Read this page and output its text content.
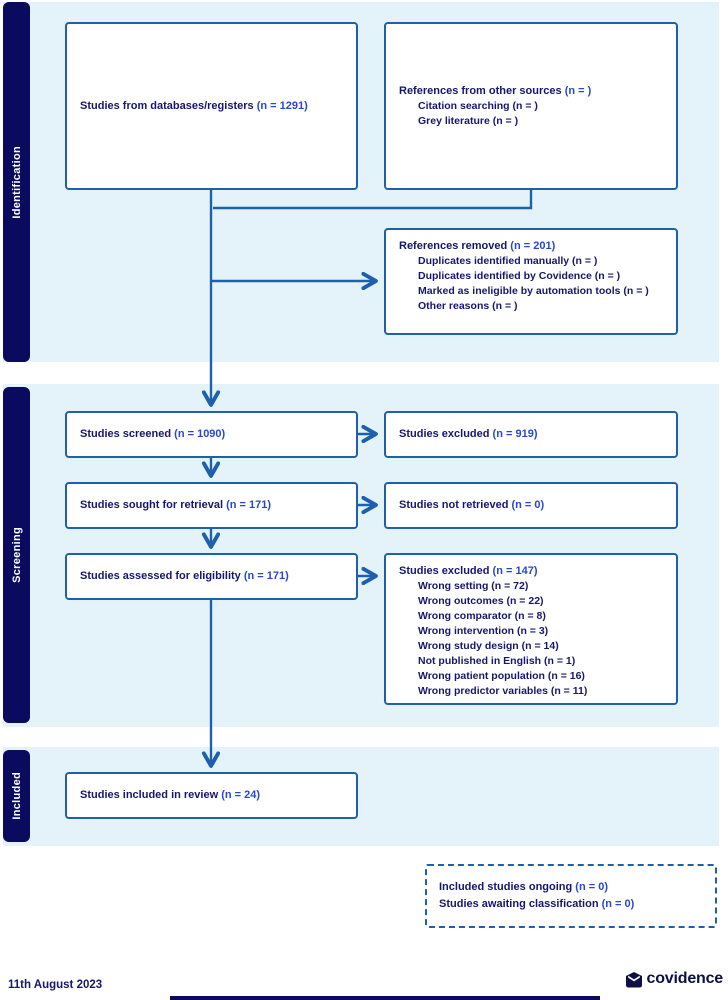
Identification
Screening
Included
Studies from databases/registers (n = 1291)
References from other sources (n = )
Citation searching (n = )
Grey literature (n = )
References removed (n = 201)
Duplicates identified manually (n = )
Duplicates identified by Covidence (n = )
Marked as ineligible by automation tools (n = )
Other reasons (n = )
Studies screened (n = 1090)	Studies excluded (n = 919)
Studies sought for retrieval (n = 171)	Studies not retrieved (n = 0)
Studies assessed for eligibility (n = 171)	Studies excluded (n = 147)
Wrong setting (n = 72)
Wrong outcomes (n = 22)
Wrong comparator (n = 8)
Wrong intervention (n = 3)
Wrong study design (n = 14)
Not published in English (n = 1)
Wrong patient population (n = 16)
Wrong predictor variables (n = 11)
Studies included in review (n = 24)
Included studies ongoing (n = 0)
Studies awaiting classification (n = 0)
11th August 2023	covidence
